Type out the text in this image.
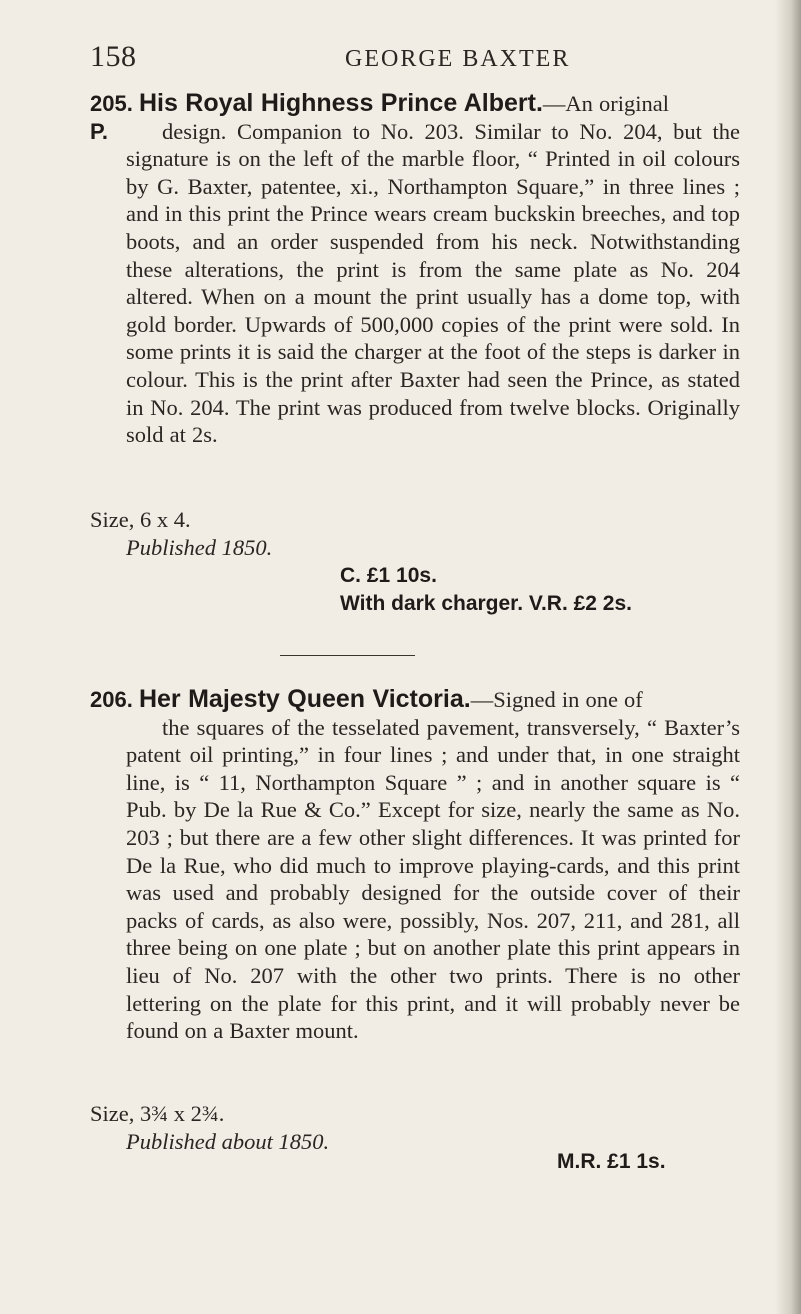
158	GEORGE BAXTER

205. His Royal Highness Prince Albert.—An original
P. design. Companion to No. 203. Similar to No. 204, but the signature is on the left of the marble floor, “ Printed in oil colours by G. Baxter, patentee, xi., Northampton Square,” in three lines ; and in this print the Prince wears cream buckskin breeches, and top boots, and an order suspended from his neck. Notwithstanding these alterations, the print is from the same plate as No. 204 altered. When on a mount the print usually has a dome top, with gold border. Upwards of 500,000 copies of the print were sold. In some prints it is said the charger at the foot of the steps is darker in colour. This is the print after Baxter had seen the Prince, as stated in No. 204. The print was produced from twelve blocks. Originally sold at 2s.

Size, 6 x 4.

Published 1850.

C. £1 10s.
With dark charger. V.R. £2 2s.

206. Her Majesty Queen Victoria.—Signed in one of
the squares of the tesselated pavement, transversely, “ Baxter’s patent oil printing,” in four lines ; and under that, in one straight line, is “ 11, Northampton Square ” ; and in another square is “ Pub. by De la Rue & Co.” Except for size, nearly the same as No. 203 ; but there are a few other slight differences. It was printed for De la Rue, who did much to improve playing-cards, and this print was used and probably designed for the outside cover of their packs of cards, as also were, possibly, Nos. 207, 211, and 281, all three being on one plate ; but on another plate this print appears in lieu of No. 207 with the other two prints. There is no other lettering on the plate for this print, and it will probably never be found on a Baxter mount.

Size, 3¾ x 2¾.

Published about 1850.

M.R. £1 1s.
